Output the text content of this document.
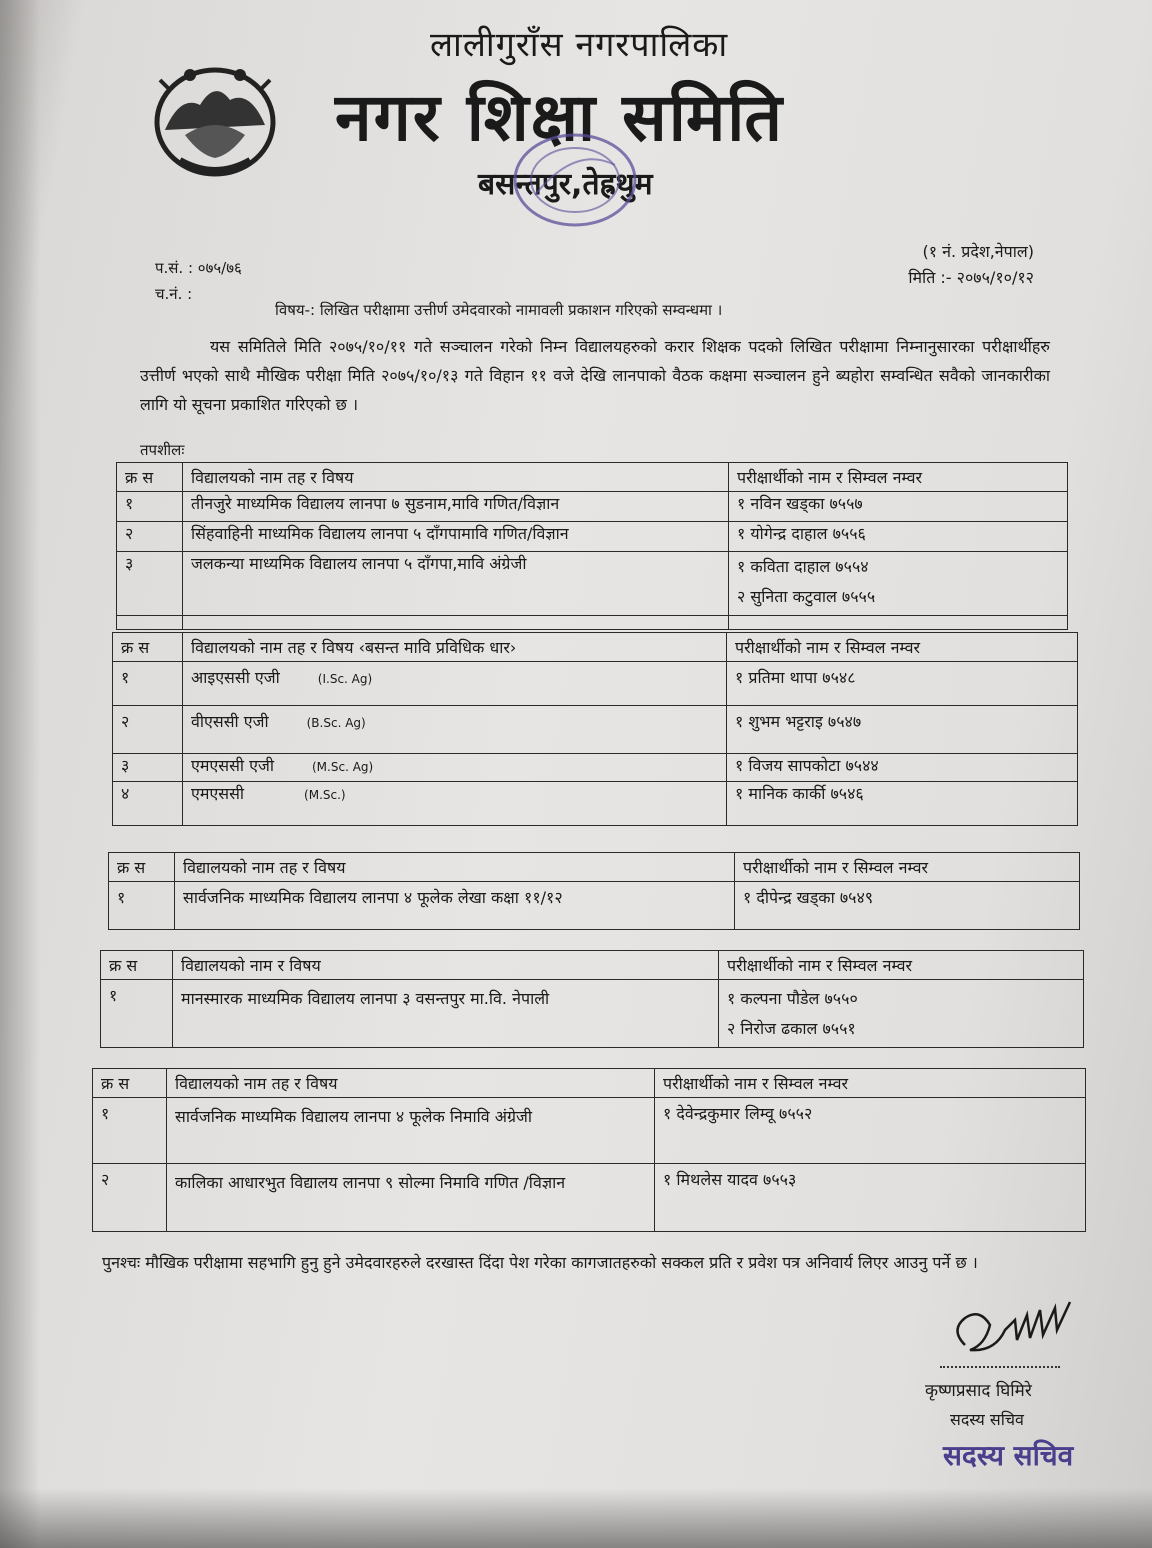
लालीगुराँस नगरपालिका
नगर शिक्षा समिति
बसन्तपुर,तेह्रथुम
(१ नं. प्रदेश,नेपाल)
मिति :- २०७५/१०/१२
प.सं. : ०७५/७६
च.नं. :
विषय-: लिखित परीक्षामा उत्तीर्ण उमेदवारको नामावली प्रकाशन गरिएको सम्वन्धमा ।
यस समितिले मिति २०७५/१०/११ गते सञ्चालन गरेको निम्न विद्यालयहरुको करार शिक्षक पदको लिखित परीक्षामा निम्नानुसारका परीक्षार्थीहरु उत्तीर्ण भएको साथै मौखिक परीक्षा मिति २०७५/१०/१३ गते विहान ११ वजे देखि लानपाको वैठक कक्षमा सञ्चालन हुने ब्यहोरा सम्वन्धित सवैको जानकारीका लागि यो सूचना प्रकाशित गरिएको छ ।
तपशीलः
क्र स	विद्यालयको नाम तह र विषय	परीक्षार्थीको नाम र सिम्वल नम्वर
१	तीनजुरे माध्यमिक विद्यालय लानपा ७ सुडनाम,मावि गणित/विज्ञान	१ नविन खड्का ७५५७
२	सिंहवाहिनी माध्यमिक विद्यालय लानपा ५ दाँगपामावि गणित/विज्ञान	१ योगेन्द्र दाहाल ७५५६
३	जलकन्या माध्यमिक विद्यालय लानपा ५ दाँगपा,मावि अंग्रेजी	१ कविता दाहाल ७५५४
२ सुनिता कटुवाल ७५५५

क्र स	विद्यालयको नाम तह र विषय ‹बसन्त मावि प्रविधिक धार›	परीक्षार्थीको नाम र सिम्वल नम्वर
१	आइएससी एजी (I.Sc. Ag)	१ प्रतिमा थापा ७५४८
२	वीएससी एजी (B.Sc. Ag)	१ शुभम भट्टराइ ७५४७
३	एमएससी एजी (M.Sc. Ag)	१ विजय सापकोटा ७५४४
४	एमएससी (M.Sc.)	१ मानिक कार्की ७५४६
क्र स	विद्यालयको नाम तह र विषय	परीक्षार्थीको नाम र सिम्वल नम्वर
१	सार्वजनिक माध्यमिक विद्यालय लानपा ४ फूलेक लेखा कक्षा ११/१२	१ दीपेन्द्र खड्का ७५४९
क्र स	विद्यालयको नाम र विषय	परीक्षार्थीको नाम र सिम्वल नम्वर
१	मानस्मारक माध्यमिक विद्यालय लानपा ३ वसन्तपुर मा.वि. नेपाली	१ कल्पना पौडेल ७५५०
२ निरोज ढकाल ७५५१
क्र स	विद्यालयको नाम तह र विषय	परीक्षार्थीको नाम र सिम्वल नम्वर
१	सार्वजनिक माध्यमिक विद्यालय लानपा ४ फूलेक निमावि अंग्रेजी	१ देवेन्द्रकुमार लिम्वू ७५५२
२	कालिका आधारभुत विद्यालय लानपा ९ सोल्मा निमावि गणित /विज्ञान	१ मिथलेस यादव ७५५३
पुनश्चः मौखिक परीक्षामा सहभागि हुनु हुने उमेदवारहरुले दरखास्त दिंदा पेश गरेका कागजातहरुको सक्कल प्रति र प्रवेश पत्र अनिवार्य लिएर आउनु पर्ने छ ।
कृष्णप्रसाद घिमिरे
सदस्य सचिव
सदस्य सचिव
